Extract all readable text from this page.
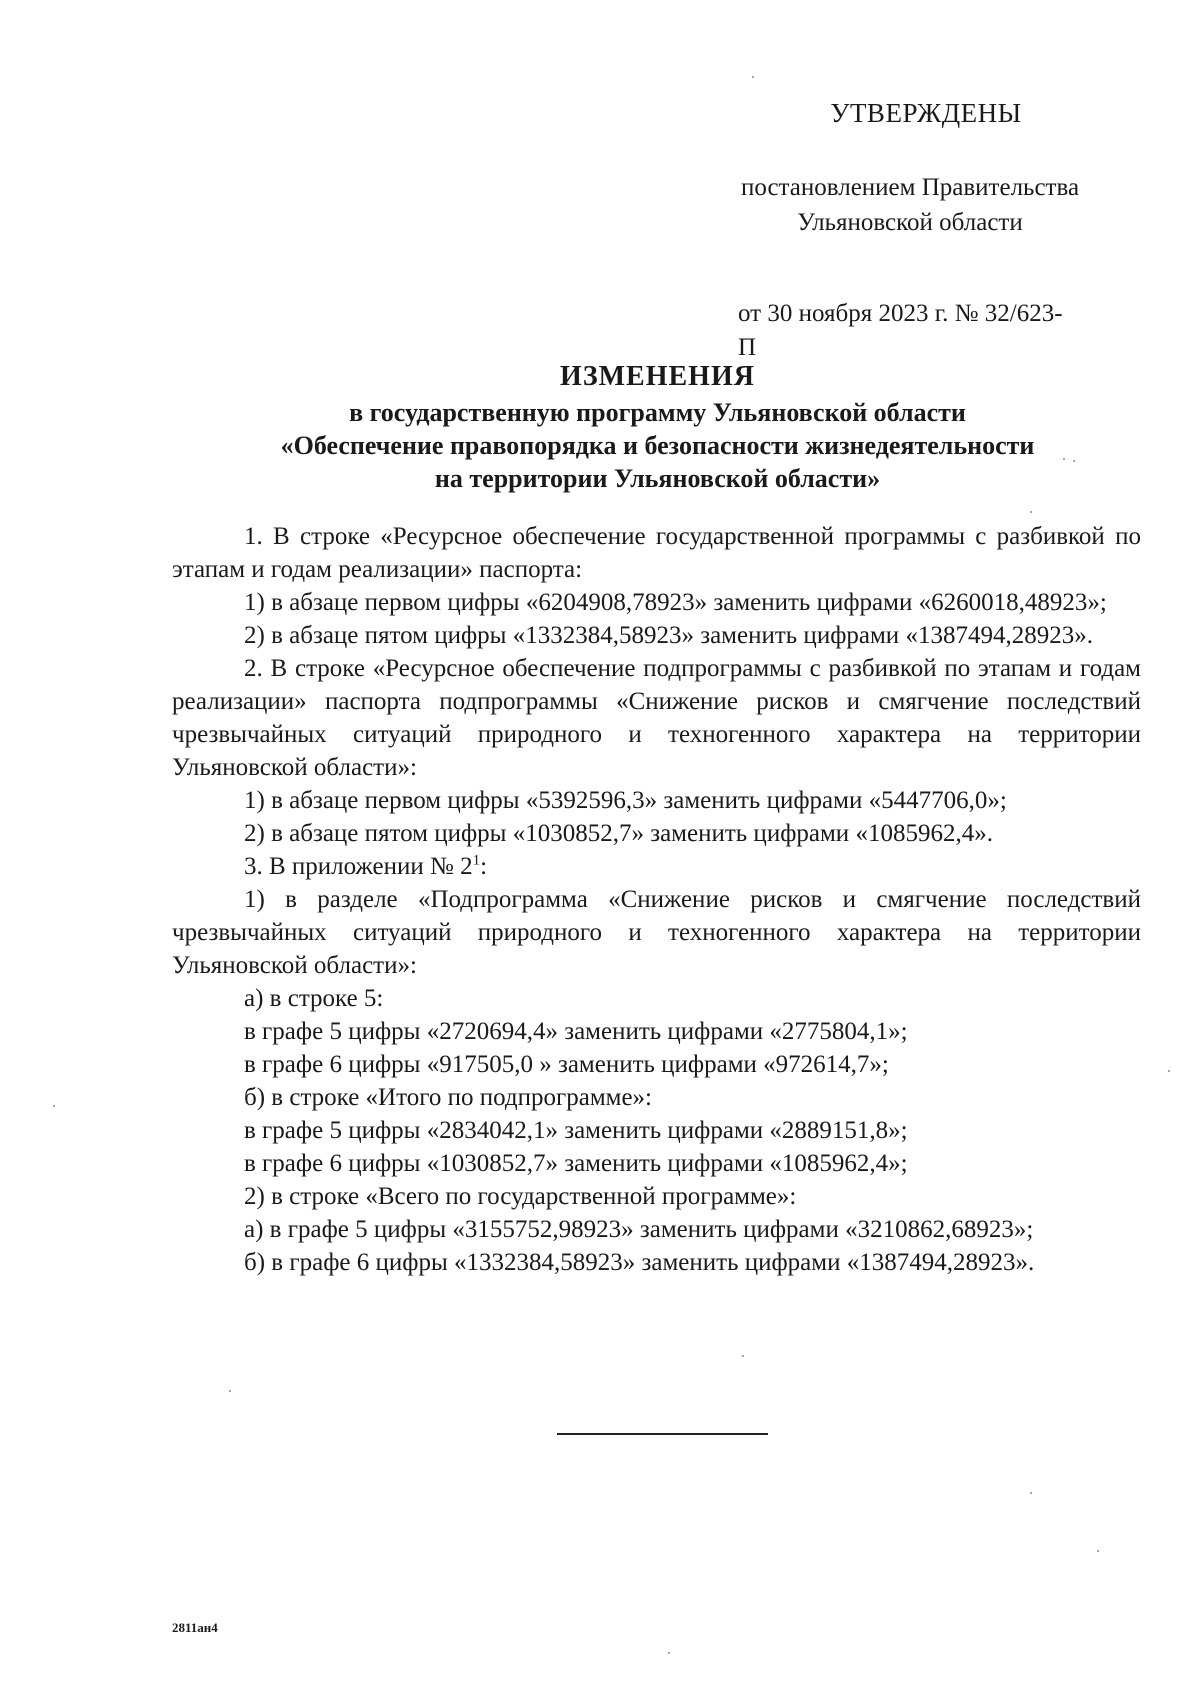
УТВЕРЖДЕНЫ
постановлением Правительства
Ульяновской области
от 30 ноября 2023 г. № 32/623-П
ИЗМЕНЕНИЯ
в государственную программу Ульяновской области
«Обеспечение правопорядка и безопасности жизнедеятельности
на территории Ульяновской области»

1. В строке «Ресурсное обеспечение государственной программы с разбивкой по этапам и годам реализации» паспорта:

1) в абзаце первом цифры «6204908,78923» заменить цифрами «6260018,48923»;

2) в абзаце пятом цифры «1332384,58923» заменить цифрами «1387494,28923».

2. В строке «Ресурсное обеспечение подпрограммы с разбивкой по этапам и годам реализации» паспорта подпрограммы «Снижение рисков и смягчение последствий чрезвычайных ситуаций природного и техногенного характера на территории Ульяновской области»:

1) в абзаце первом цифры «5392596,3» заменить цифрами «5447706,0»;

2) в абзаце пятом цифры «1030852,7» заменить цифрами «1085962,4».

3. В приложении № $2^1$:

1) в разделе «Подпрограмма «Снижение рисков и смягчение последствий чрезвычайных ситуаций природного и техногенного характера на территории Ульяновской области»:

а) в строке 5:

в графе 5 цифры «2720694,4» заменить цифрами «2775804,1»;

в графе 6 цифры «917505,0 » заменить цифрами «972614,7»;

б) в строке «Итого по подпрограмме»:

в графе 5 цифры «2834042,1» заменить цифрами «2889151,8»;

в графе 6 цифры «1030852,7» заменить цифрами «1085962,4»;

2) в строке «Всего по государственной программе»:

а) в графе 5 цифры «3155752,98923» заменить цифрами «3210862,68923»;

б) в графе 6 цифры «1332384,58923» заменить цифрами «1387494,28923».

2811ан4
